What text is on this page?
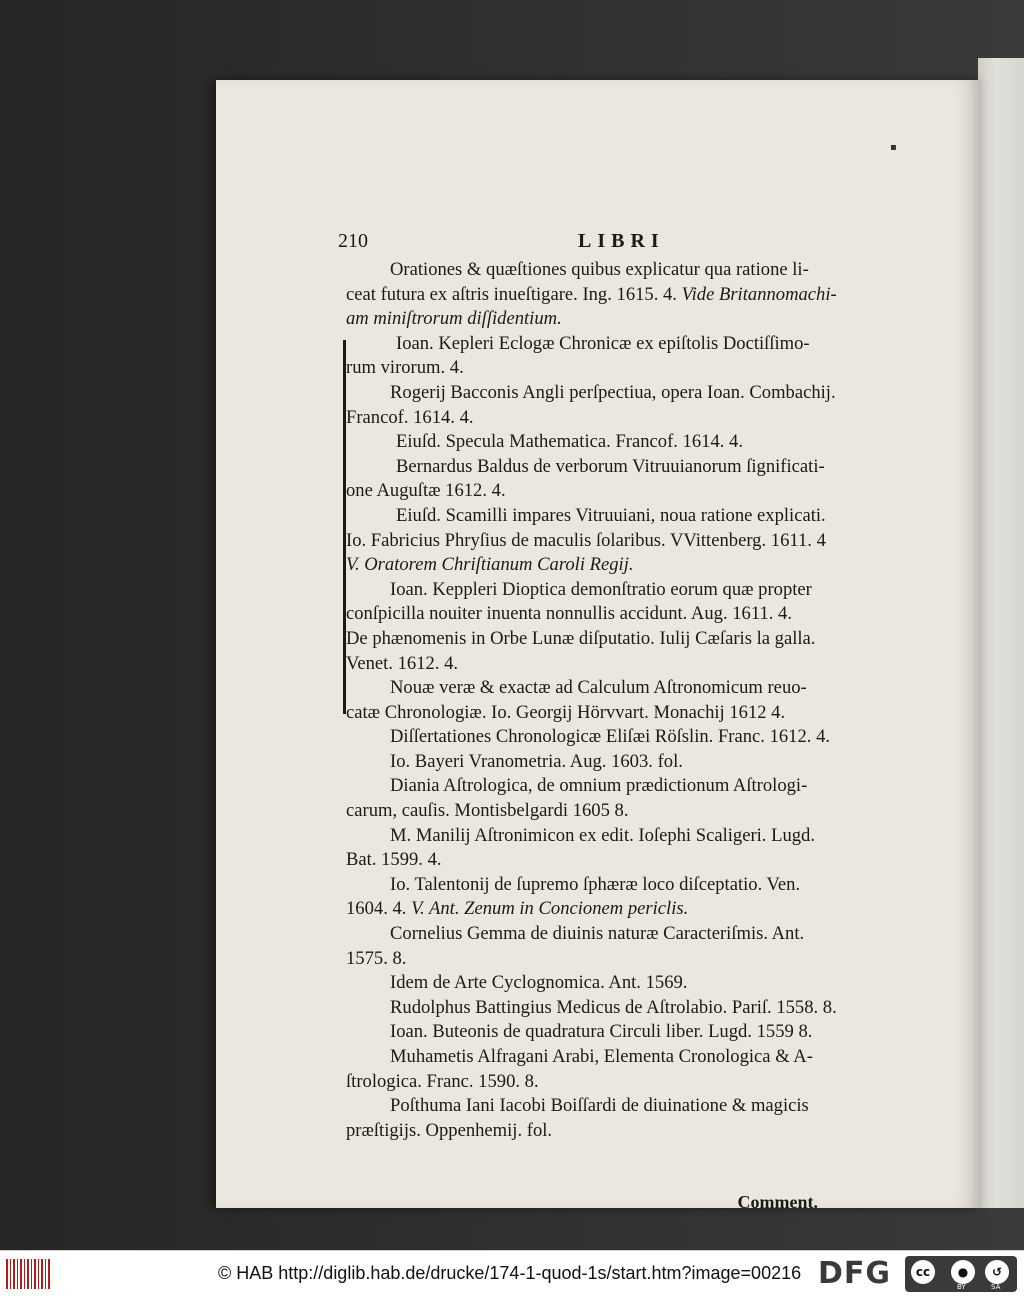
▪
210	LIBRI
Orationes & quæſtiones quibus explicatur qua ratione li-
ceat futura ex aſtris inueſtigare. Ing. 1615. 4. Vide Britannomachi-
am miniſtrorum diſſidentium.
Ioan. Kepleri Eclogæ Chronicæ ex epiſtolis Doctiſſimo-
rum virorum. 4.
Rogerij Bacconis Angli perſpectiua, opera Ioan. Combachij.
Francof. 1614. 4.
Eiuſd. Specula Mathematica. Francof. 1614. 4.
Bernardus Baldus de verborum Vitruuianorum ſignificati-
one Auguſtæ 1612. 4.
Eiuſd. Scamilli impares Vitruuiani, noua ratione explicati.
Io. Fabricius Phryſius de maculis ſolaribus. VVittenberg. 1611. 4
V. Oratorem Chriſtianum Caroli Regij.
Ioan. Keppleri Dioptica demonſtratio eorum quæ propter
conſpicilla nouiter inuenta nonnullis accidunt. Aug. 1611. 4.
De phænomenis in Orbe Lunæ diſputatio. Iulij Cæſaris la galla.
Venet. 1612. 4.
Nouæ veræ & exactæ ad Calculum Aſtronomicum reuo-
catæ Chronologiæ. Io. Georgij Hörvvart. Monachij 1612 4.
Diſſertationes Chronologicæ Eliſæi Röſslin. Franc. 1612. 4.
Io. Bayeri Vranometria. Aug. 1603. fol.
Diania Aſtrologica, de omnium prædictionum Aſtrologi-
carum, cauſis. Montisbelgardi 1605 8.
M. Manilij Aſtronimicon ex edit. Ioſephi Scaligeri. Lugd.
Bat. 1599. 4.
Io. Talentonij de ſupremo ſphæræ loco diſceptatio. Ven.
1604. 4. V. Ant. Zenum in Concionem periclis.
Cornelius Gemma de diuinis naturæ Caracteriſmis. Ant.
1575. 8.
Idem de Arte Cyclognomica. Ant. 1569.
Rudolphus Battingius Medicus de Aſtrolabio. Pariſ. 1558. 8.
Ioan. Buteonis de quadratura Circuli liber. Lugd. 1559 8.
Muhametis Alfragani Arabi, Elementa Cronologica & A-
ſtrologica. Franc. 1590. 8.
Poſthuma Iani Iacobi Boiſſardi de diuinatione & magicis
præſtigijs. Oppenhemij. fol.
Comment.
© HAB http://diglib.hab.de/drucke/174-1-quod-1s/start.htm?image=00216 DFG	cc	●	↺
BY	SA
